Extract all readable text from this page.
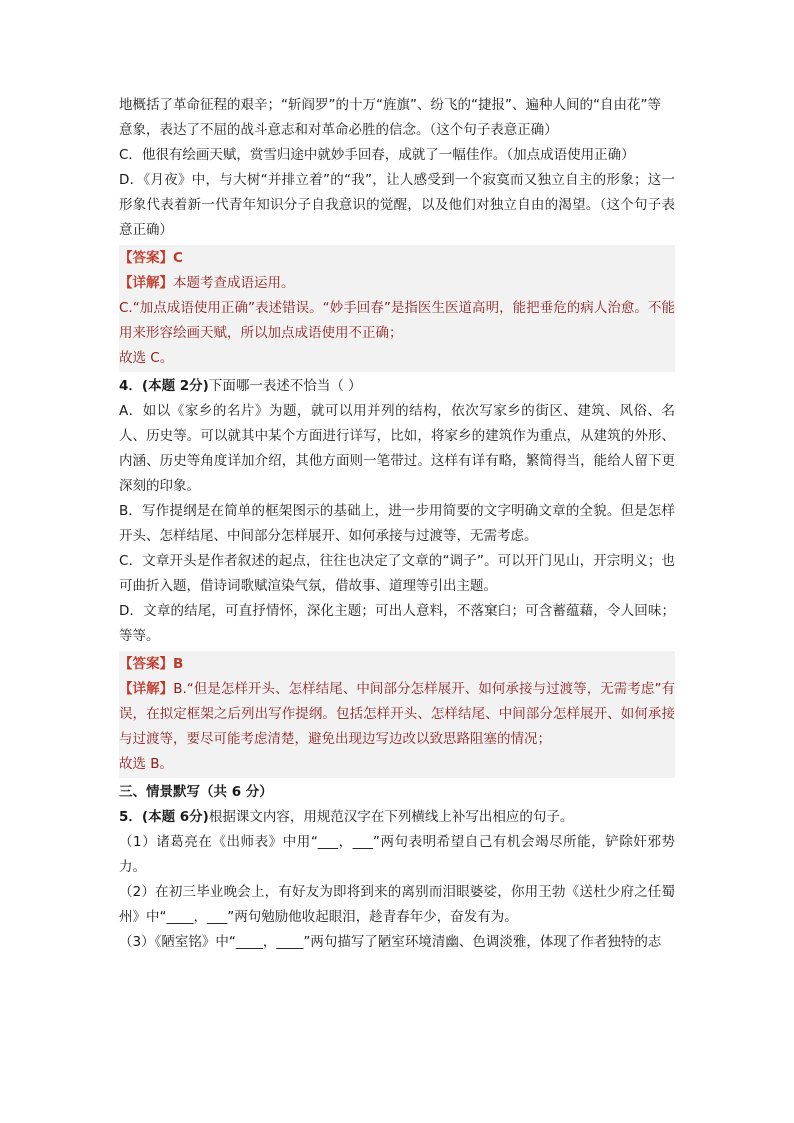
地概括了革命征程的艰辛；“斩阎罗”的十万“旌旗”、纷飞的“捷报”、遍种人间的“自由花”等

意象，表达了不屈的战斗意志和对革命必胜的信念。（这个句子表意正确）

C．他很有绘画天赋，赏雪归途中就妙手回春，成就了一幅佳作。（加点成语使用正确）

D．《月夜》中，与大树“并排立着”的“我”，让人感受到一个寂寞而又独立自主的形象；这一形象代表着新一代青年知识分子自我意识的觉醒，以及他们对独立自由的渴望。（这个句子表意正确）

【答案】C

【详解】本题考查成语运用。

C.“加点成语使用正确”表述错误。“妙手回春”是指医生医道高明，能把垂危的病人治愈。不能用来形容绘画天赋，所以加点成语使用不正确；

故选 C。

4．(本题 2分)下面哪一表述不恰当（ ）

A．如以《家乡的名片》为题，就可以用并列的结构，依次写家乡的街区、建筑、风俗、名人、历史等。可以就其中某个方面进行详写，比如，将家乡的建筑作为重点，从建筑的外形、内涵、历史等角度详加介绍，其他方面则一笔带过。这样有详有略，繁简得当，能给人留下更深刻的印象。

B．写作提纲是在简单的框架图示的基础上，进一步用简要的文字明确文章的全貌。但是怎样开头、怎样结尾、中间部分怎样展开、如何承接与过渡等，无需考虑。

C．文章开头是作者叙述的起点，往往也决定了文章的“调子”。可以开门见山，开宗明义；也可曲折入题，借诗词歌赋渲染气氛，借故事、道理等引出主题。

D．文章的结尾，可直抒情怀，深化主题；可出人意料，不落窠臼；可含蓄蕴藉，令人回味；等等。

【答案】B

【详解】B.“但是怎样开头、怎样结尾、中间部分怎样展开、如何承接与过渡等，无需考虑”有误，在拟定框架之后列出写作提纲。包括怎样开头、怎样结尾、中间部分怎样展开、如何承接与过渡等，要尽可能考虑清楚，避免出现边写边改以致思路阻塞的情况；

故选 B。

三、情景默写（共 6 分）

5．(本题 6分)根据课文内容，用规范汉字在下列横线上补写出相应的句子。

（1）诸葛亮在《出师表》中用“___，___”两句表明希望自己有机会竭尽所能，铲除奸邪势力。

（2）在初三毕业晚会上，有好友为即将到来的离别而泪眼婆娑，你用王勃《送杜少府之任蜀州》中“____，___”两句勉励他收起眼泪，趁青春年少，奋发有为。

（3）《陋室铭》中“____，____”两句描写了陋室环境清幽、色调淡雅，体现了作者独特的志
